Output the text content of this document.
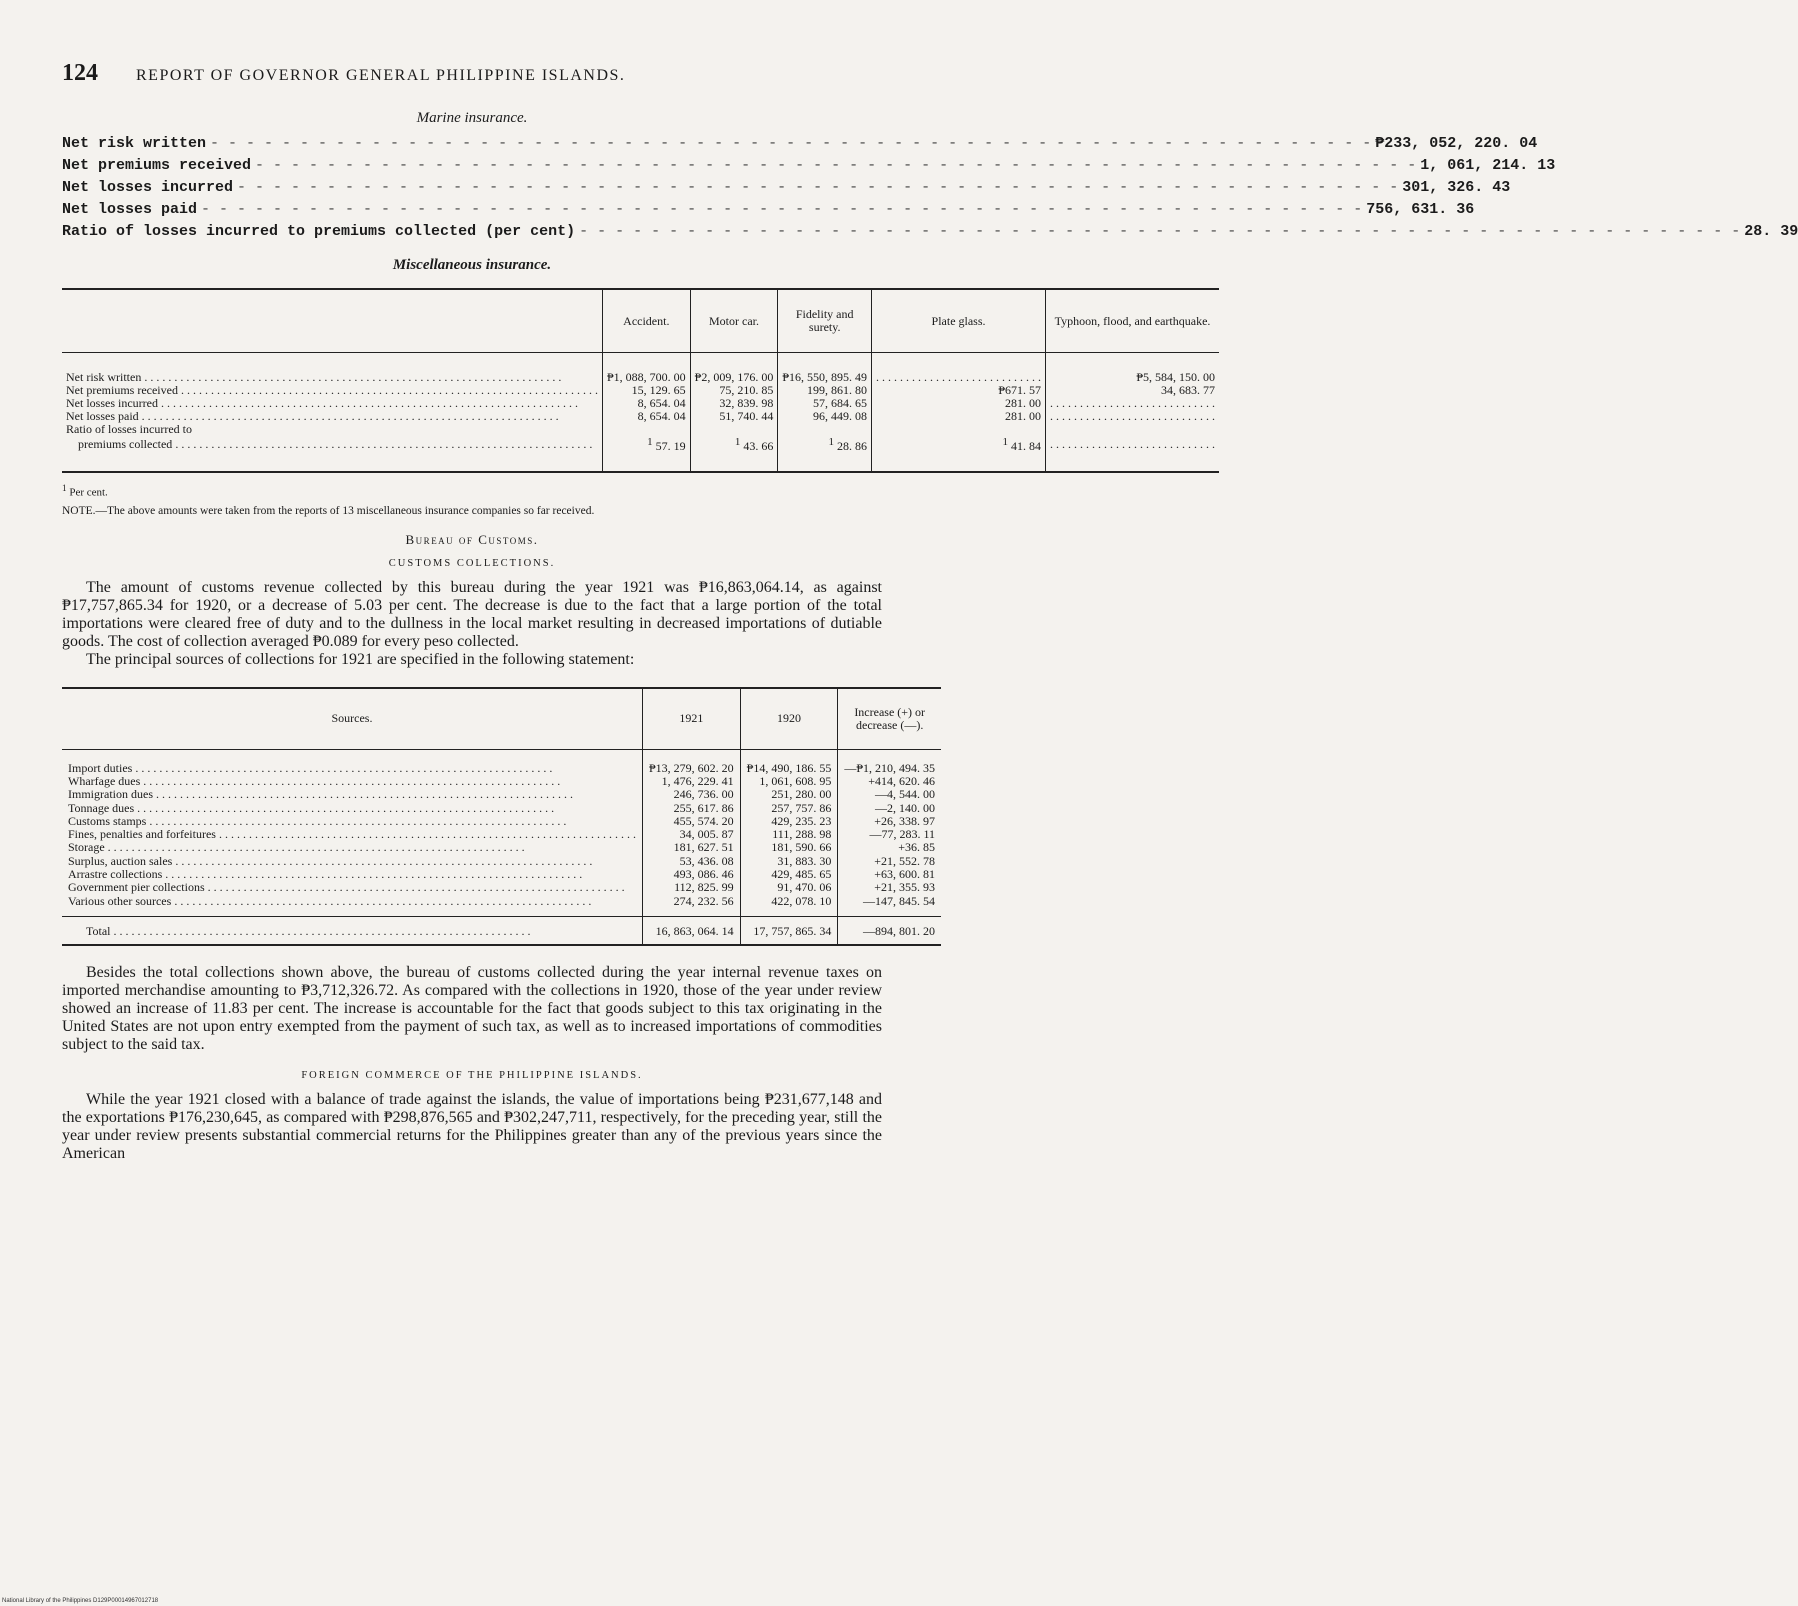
124 REPORT OF GOVERNOR GENERAL PHILIPPINE ISLANDS.
Marine insurance.
Net risk written - - -	₱233, 052, 220. 04
Net premiums received - - -	1, 061, 214. 13
Net losses incurred - - -	301, 326. 43
Net losses paid - - -	756, 631. 36
Ratio of losses incurred to premiums collected (per cent) - - -	28. 39
Miscellaneous insurance.
	Accident.	Motor car.	Fidelity and surety.	Plate glass.	Typhoon, flood, and earthquake.
Net risk written . . .	₱1, 088, 700. 00	₱2, 009, 176. 00	₱16, 550, 895. 49	. . .	₱5, 584, 150. 00
Net premiums received . . .	15, 129. 65	75, 210. 85	199, 861. 80	₱671. 57	34, 683. 77
Net losses incurred . . .	8, 654. 04	32, 839. 98	57, 684. 65	281. 00	. . .
Net losses paid . . .	8, 654. 04	51, 740. 44	96, 449. 08	281. 00	. . .
Ratio of losses incurred to					
premiums collected . . .	$^1$ 57. 19	$^1$ 43. 66	$^1$ 28. 86	$^1$ 41. 84	. . .
$^1$ Per cent.
NOTE.—The above amounts were taken from the reports of 13 miscellaneous insurance companies so far received.
Bureau of Customs.
CUSTOMS COLLECTIONS.

The amount of customs revenue collected by this bureau during the year 1921 was ₱16,863,064.14, as against ₱17,757,865.34 for 1920, or a decrease of 5.03 per cent. The decrease is due to the fact that a large portion of the total importations were cleared free of duty and to the dullness in the local market resulting in decreased importations of dutiable goods. The cost of collection averaged ₱0.089 for every peso collected.

The principal sources of collections for 1921 are specified in the following statement:

Sources.	1921	1920	Increase (+) or decrease (—).
Import duties . . .	₱13, 279, 602. 20	₱14, 490, 186. 55	—₱1, 210, 494. 35
Wharfage dues . . .	1, 476, 229. 41	1, 061, 608. 95	+414, 620. 46
Immigration dues . . .	246, 736. 00	251, 280. 00	—4, 544. 00
Tonnage dues . . .	255, 617. 86	257, 757. 86	—2, 140. 00
Customs stamps . . .	455, 574. 20	429, 235. 23	+26, 338. 97
Fines, penalties and forfeitures . . .	34, 005. 87	111, 288. 98	—77, 283. 11
Storage . . .	181, 627. 51	181, 590. 66	+36. 85
Surplus, auction sales . . .	53, 436. 08	31, 883. 30	+21, 552. 78
Arrastre collections . . .	493, 086. 46	429, 485. 65	+63, 600. 81
Government pier collections . . .	112, 825. 99	91, 470. 06	+21, 355. 93
Various other sources . . .	274, 232. 56	422, 078. 10	—147, 845. 54
Total . . .	16, 863, 064. 14	17, 757, 865. 34	—894, 801. 20

Besides the total collections shown above, the bureau of customs collected during the year internal revenue taxes on imported merchandise amounting to ₱3,712,326.72. As compared with the collections in 1920, those of the year under review showed an increase of 11.83 per cent. The increase is accountable for the fact that goods subject to this tax originating in the United States are not upon entry exempted from the payment of such tax, as well as to increased importations of commodities subject to the said tax.

FOREIGN COMMERCE OF THE PHILIPPINE ISLANDS.

While the year 1921 closed with a balance of trade against the islands, the value of importations being ₱231,677,148 and the exportations ₱176,230,645, as compared with ₱298,876,565 and ₱302,247,711, respectively, for the preceding year, still the year under review presents substantial commercial returns for the Philippines greater than any of the previous years since the American

National Library of the Philippines D129P00014967012718
